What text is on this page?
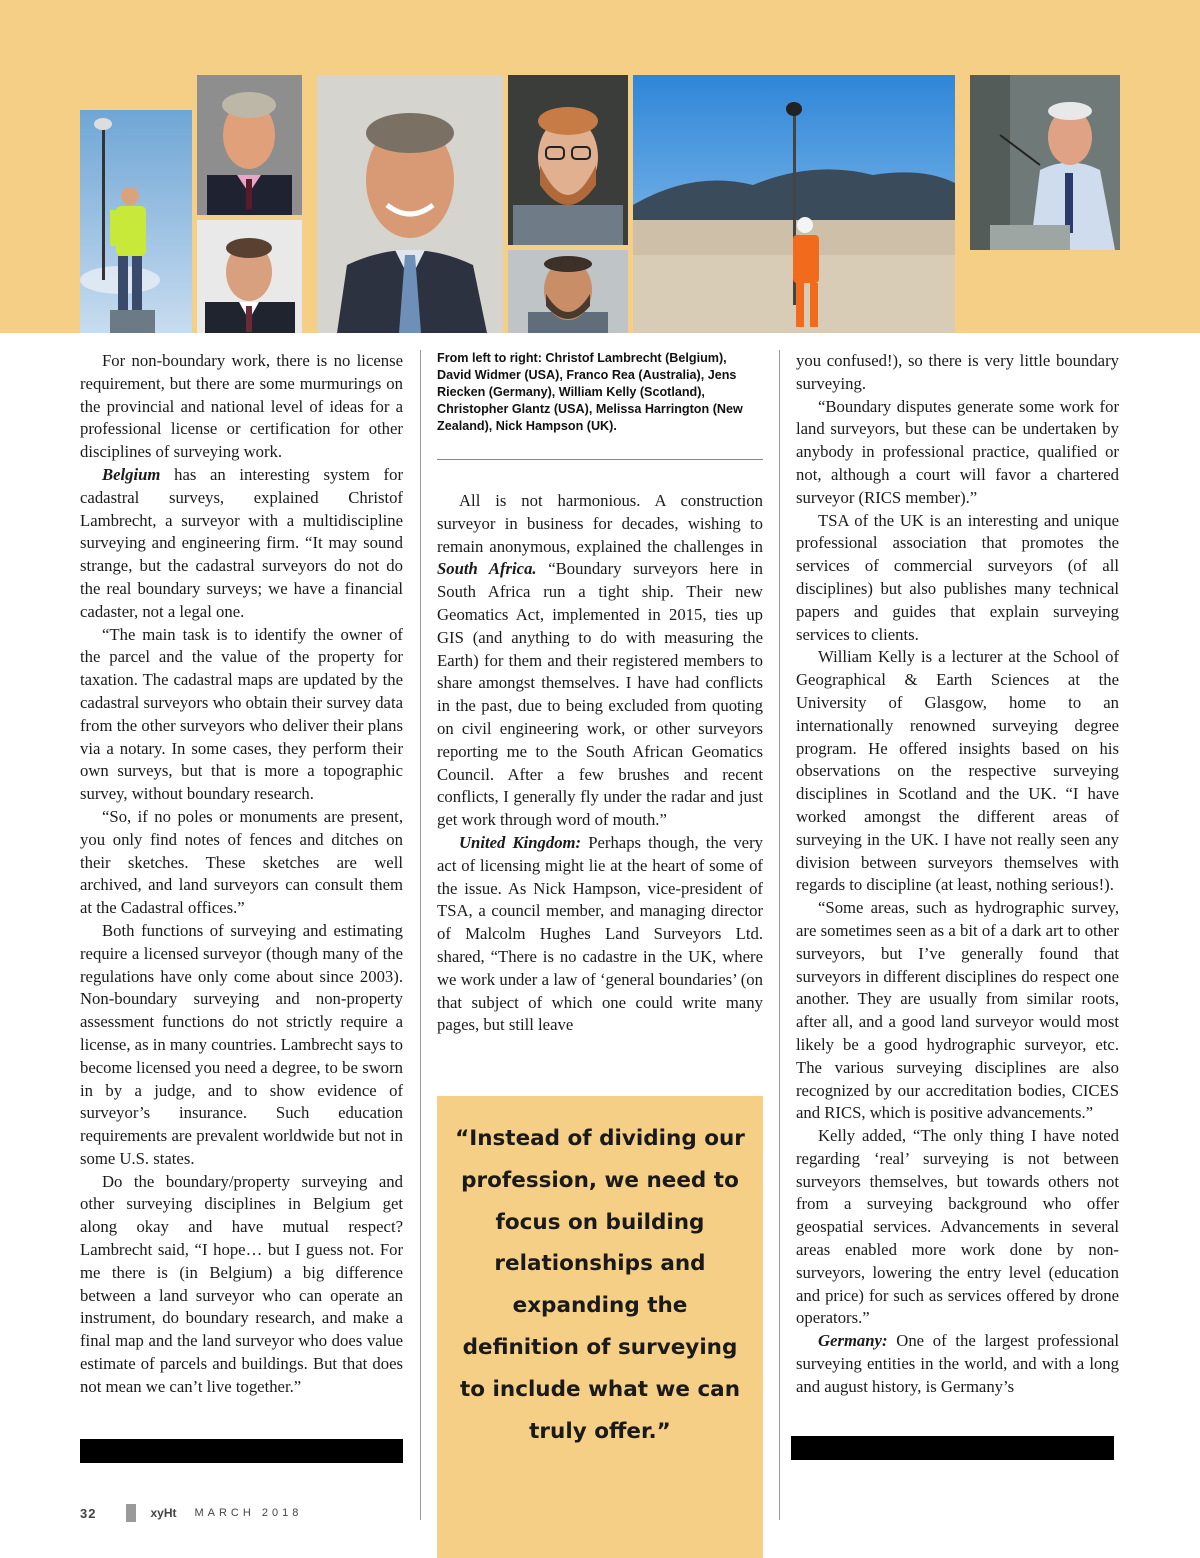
From left to right: Christof Lambrecht (Belgium), David Widmer (USA), Franco Rea (Australia), Jens Riecken (Germany), William Kelly (Scotland), Christopher Glantz (USA), Melissa Harrington (New Zealand), Nick Hampson (UK).

For non-boundary work, there is no license requirement, but there are some murmurings on the provincial and national level of ideas for a professional license or certification for other disciplines of surveying work.

Belgium has an interesting system for cadastral surveys, explained Christof Lambrecht, a surveyor with a multidiscipline surveying and engineering firm. “It may sound strange, but the cadastral surveyors do not do the real boundary surveys; we have a financial cadaster, not a legal one.

“The main task is to identify the owner of the parcel and the value of the property for taxation. The cadastral maps are updated by the cadastral surveyors who obtain their survey data from the other surveyors who deliver their plans via a notary. In some cases, they perform their own surveys, but that is more a topographic survey, without boundary research.

“So, if no poles or monuments are present, you only find notes of fences and ditches on their sketches. These sketches are well archived, and land surveyors can consult them at the Cadastral offices.”

Both functions of surveying and estimating require a licensed surveyor (though many of the regulations have only come about since 2003). Non-boundary surveying and non-property assessment functions do not strictly require a license, as in many countries. Lambrecht says to become licensed you need a degree, to be sworn in by a judge, and to show evidence of surveyor’s insurance. Such education requirements are prevalent worldwide but not in some U.S. states.

Do the boundary/property surveying and other surveying disciplines in Belgium get along okay and have mutual respect? Lambrecht said, “I hope… but I guess not. For me there is (in Belgium) a big difference between a land surveyor who can operate an instrument, do boundary research, and make a final map and the land surveyor who does value estimate of parcels and buildings. But that does not mean we can’t live together.”

All is not harmonious. A construction surveyor in business for decades, wishing to remain anonymous, explained the challenges in South Africa. “Boundary surveyors here in South Africa run a tight ship. Their new Geomatics Act, implemented in 2015, ties up GIS (and anything to do with measuring the Earth) for them and their registered members to share amongst themselves. I have had conflicts in the past, due to being excluded from quoting on civil engineering work, or other surveyors reporting me to the South African Geomatics Council. After a few brushes and recent conflicts, I generally fly under the radar and just get work through word of mouth.”

United Kingdom: Perhaps though, the very act of licensing might lie at the heart of some of the issue. As Nick Hampson, vice-president of TSA, a council member, and managing director of Malcolm Hughes Land Surveyors Ltd. shared, “There is no cadastre in the UK, where we work under a law of ‘general boundaries’ (on that subject of which one could write many pages, but still leave

you confused!), so there is very little boundary surveying.

“Boundary disputes generate some work for land surveyors, but these can be undertaken by anybody in professional practice, qualified or not, although a court will favor a chartered surveyor (RICS member).”

TSA of the UK is an interesting and unique professional association that promotes the services of commercial surveyors (of all disciplines) but also publishes many technical papers and guides that explain surveying services to clients.

William Kelly is a lecturer at the School of Geographical & Earth Sciences at the University of Glasgow, home to an internationally renowned surveying degree program. He offered insights based on his observations on the respective surveying disciplines in Scotland and the UK. “I have worked amongst the different areas of surveying in the UK. I have not really seen any division between surveyors themselves with regards to discipline (at least, nothing serious!).

“Some areas, such as hydrographic survey, are sometimes seen as a bit of a dark art to other surveyors, but I’ve generally found that surveyors in different disciplines do respect one another. They are usually from similar roots, after all, and a good land surveyor would most likely be a good hydrographic surveyor, etc. The various surveying disciplines are also recognized by our accreditation bodies, CICES and RICS, which is positive advancements.”

Kelly added, “The only thing I have noted regarding ‘real’ surveying is not between surveyors themselves, but towards others not from a surveying background who offer geospatial services. Advancements in several areas enabled more work done by non-surveyors, lowering the entry level (education and price) for such as services offered by drone operators.”

Germany: One of the largest professional surveying entities in the world, and with a long and august history, is Germany’s

“Instead of dividing our profession, we need to focus on building relationships and expanding the definition of surveying to include what we can truly offer.”
32	xyHt MARCH 2018
